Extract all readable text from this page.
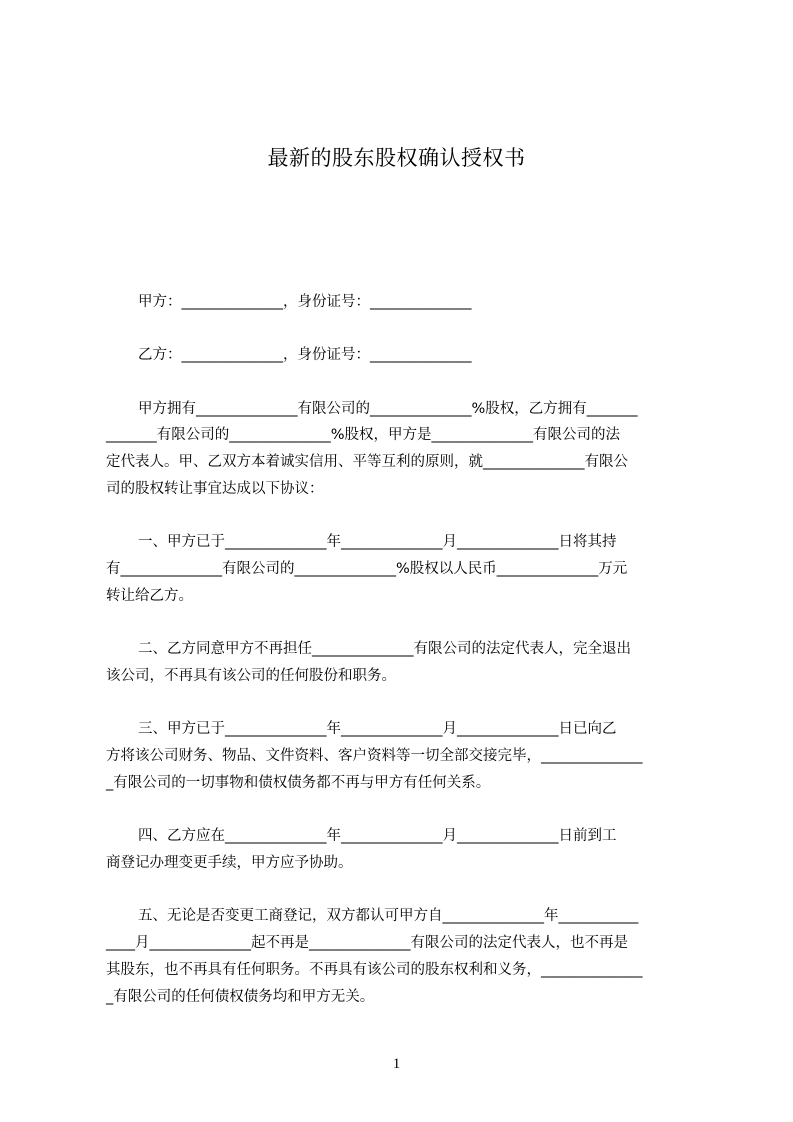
最新的股东股权确认授权书
甲方：______________，身份证号：______________
乙方：______________，身份证号：______________
甲方拥有______________有限公司的______________%股权，乙方拥有_______
_______有限公司的______________%股权，甲方是______________有限公司的法
定代表人。甲、乙双方本着诚实信用、平等互利的原则，就______________有限公
司的股权转让事宜达成以下协议：
一、甲方已于______________年______________月______________日将其持
有______________有限公司的______________%股权以人民币______________万元
转让给乙方。
二、乙方同意甲方不再担任______________有限公司的法定代表人，完全退出
该公司，不再具有该公司的任何股份和职务。
三、甲方已于______________年______________月______________日已向乙
方将该公司财务、物品、文件资料、客户资料等一切全部交接完毕，______________
_有限公司的一切事物和债权债务都不再与甲方有任何关系。
四、乙方应在______________年______________月______________日前到工
商登记办理变更手续，甲方应予协助。
五、无论是否变更工商登记，双方都认可甲方自______________年___________
____月______________起不再是______________有限公司的法定代表人，也不再是
其股东，也不再具有任何职务。不再具有该公司的股东权利和义务，______________
_有限公司的任何债权债务均和甲方无关。
1
